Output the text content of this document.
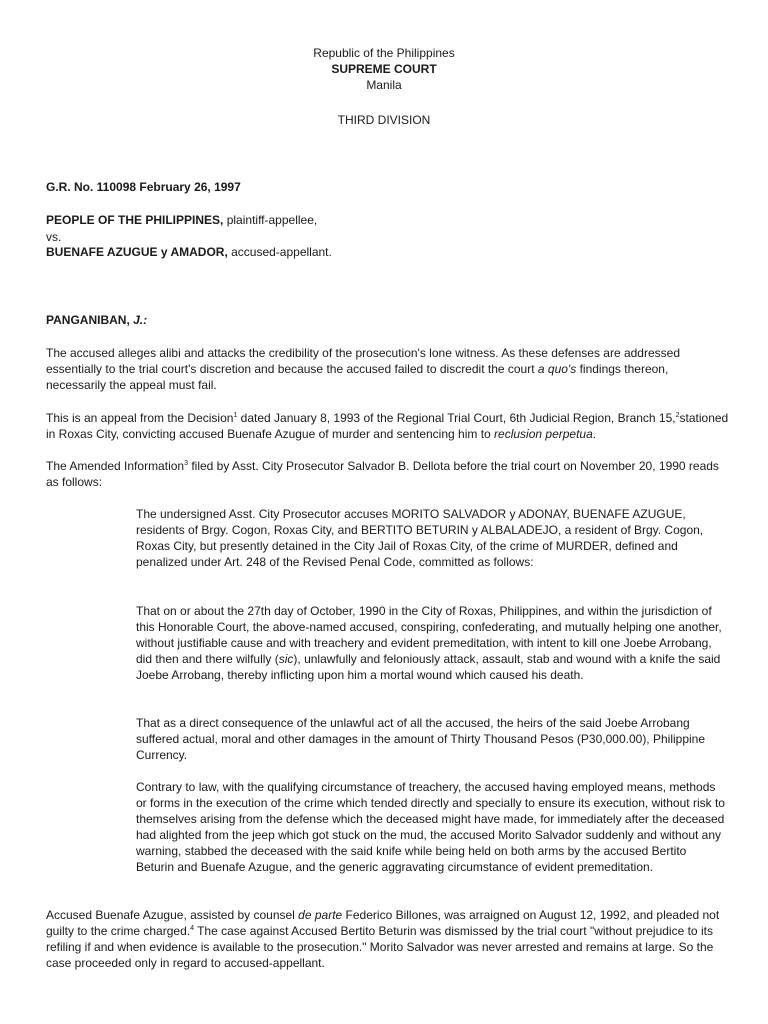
Republic of the Philippines
SUPREME COURT
Manila
THIRD DIVISION
G.R. No. 110098 February 26, 1997
PEOPLE OF THE PHILIPPINES, plaintiff-appellee,
vs.
BUENAFE AZUGUE y AMADOR, accused-appellant.
PANGANIBAN, J.:

The accused alleges alibi and attacks the credibility of the prosecution's lone witness. As these defenses are addressed essentially to the trial court's discretion and because the accused failed to discredit the court a quo's findings thereon, necessarily the appeal must fail.

This is an appeal from the Decision$^1$ dated January 8, 1993 of the Regional Trial Court, 6th Judicial Region, Branch 15,$^2$stationed in Roxas City, convicting accused Buenafe Azugue of murder and sentencing him to reclusion perpetua.

The Amended Information$^3$ filed by Asst. City Prosecutor Salvador B. Dellota before the trial court on November 20, 1990 reads as follows:

The undersigned Asst. City Prosecutor accuses MORITO SALVADOR y ADONAY, BUENAFE AZUGUE, residents of Brgy. Cogon, Roxas City, and BERTITO BETURIN y ALBALADEJO, a resident of Brgy. Cogon, Roxas City, but presently detained in the City Jail of Roxas City, of the crime of MURDER, defined and penalized under Art. 248 of the Revised Penal Code, committed as follows:

That on or about the 27th day of October, 1990 in the City of Roxas, Philippines, and within the jurisdiction of this Honorable Court, the above-named accused, conspiring, confederating, and mutually helping one another, without justifiable cause and with treachery and evident premeditation, with intent to kill one Joebe Arrobang, did then and there wilfully (sic), unlawfully and feloniously attack, assault, stab and wound with a knife the said Joebe Arrobang, thereby inflicting upon him a mortal wound which caused his death.

That as a direct consequence of the unlawful act of all the accused, the heirs of the said Joebe Arrobang suffered actual, moral and other damages in the amount of Thirty Thousand Pesos (P30,000.00), Philippine Currency.

Contrary to law, with the qualifying circumstance of treachery, the accused having employed means, methods or forms in the execution of the crime which tended directly and specially to ensure its execution, without risk to themselves arising from the defense which the deceased might have made, for immediately after the deceased had alighted from the jeep which got stuck on the mud, the accused Morito Salvador suddenly and without any warning, stabbed the deceased with the said knife while being held on both arms by the accused Bertito Beturin and Buenafe Azugue, and the generic aggravating circumstance of evident premeditation.

Accused Buenafe Azugue, assisted by counsel de parte Federico Billones, was arraigned on August 12, 1992, and pleaded not guilty to the crime charged.$^4$ The case against Accused Bertito Beturin was dismissed by the trial court "without prejudice to its refiling if and when evidence is available to the prosecution." Morito Salvador was never arrested and remains at large. So the case proceeded only in regard to accused-appellant.
